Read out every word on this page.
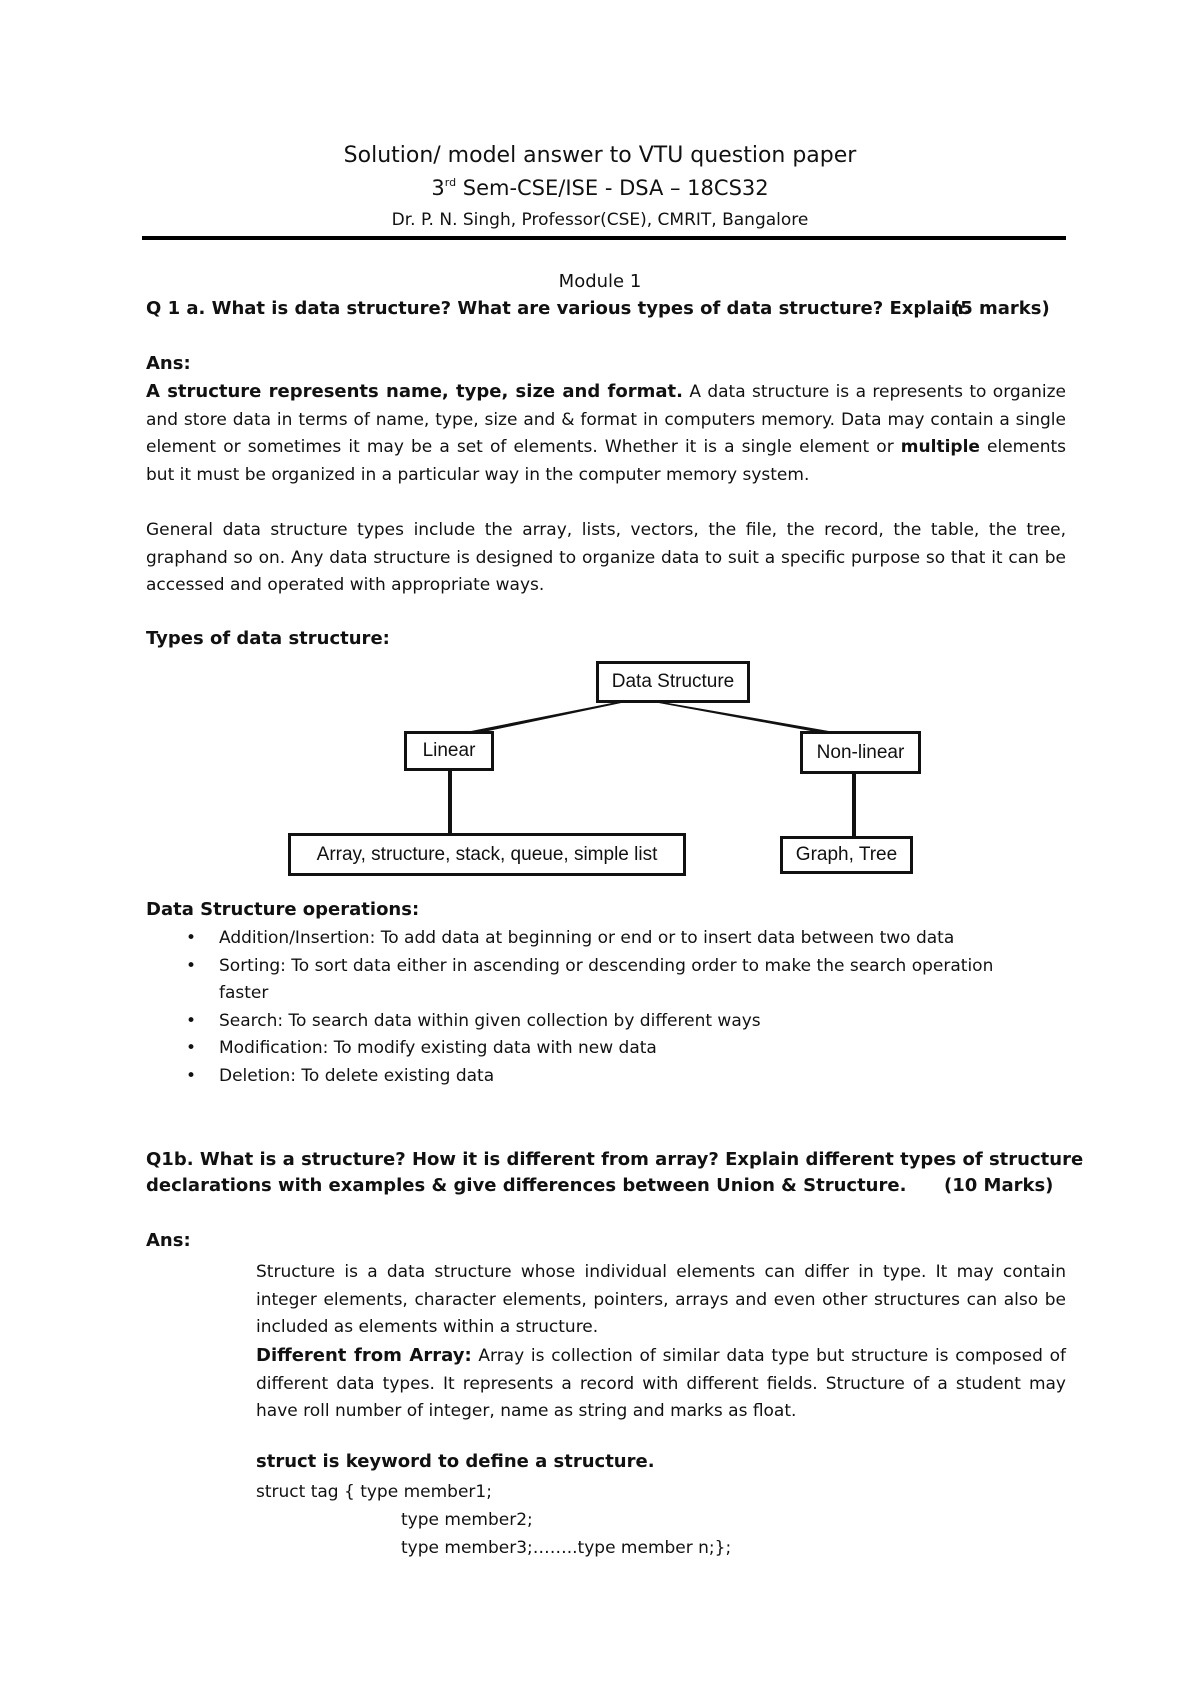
Solution/ model answer to VTU question paper
3rd Sem-CSE/ISE - DSA – 18CS32
Dr. P. N. Singh, Professor(CSE), CMRIT, Bangalore
Module 1
Q 1 a. What is data structure? What are various types of data structure? Explain.
(5 marks)
Ans:
A structure represents name, type, size and format. A data structure is a represents to organize and store data in terms of name, type, size and & format in computers memory. Data may contain a single element or sometimes it may be a set of elements. Whether it is a single element or multiple elements but it must be organized in a particular way in the computer memory system.
General data structure types include the array, lists, vectors, the file, the record, the table, the tree, graphand so on. Any data structure is designed to organize data to suit a specific purpose so that it can be accessed and operated with appropriate ways.
Types of data structure:
Data Structure
Linear	Non-linear
Array, structure, stack, queue, simple list	Graph, Tree
Data Structure operations:
• Addition/Insertion: To add data at beginning or end or to insert data between two data
• Sorting: To sort data either in ascending or descending order to make the search operation faster
• Search: To search data within given collection by different ways
• Modification: To modify existing data with new data
• Deletion: To delete existing data
Q1b. What is a structure? How it is different from array? Explain different types of structure
declarations with examples & give differences between Union & Structure. (10 Marks)
Ans:
Structure is a data structure whose individual elements can differ in type. It may contain integer elements, character elements, pointers, arrays and even other structures can also be included as elements within a structure.
Different from Array: Array is collection of similar data type but structure is composed of different data types. It represents a record with different fields. Structure of a student may have roll number of integer, name as string and marks as float.
struct is keyword to define a structure.
struct tag { type member1;
type member2;
type member3;……..type member n;};
